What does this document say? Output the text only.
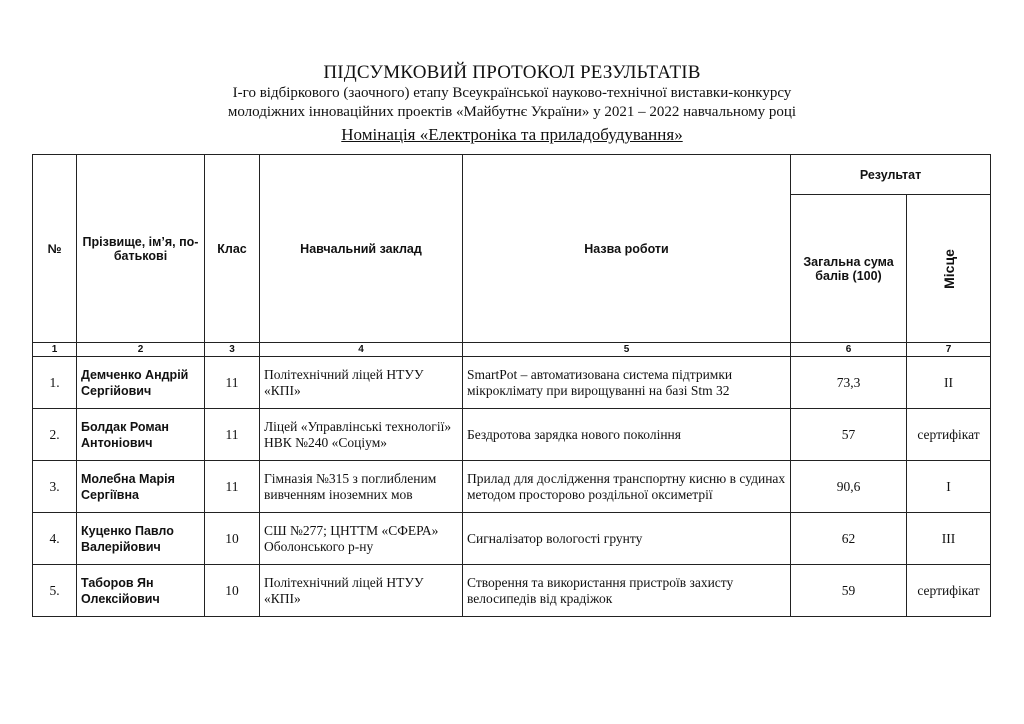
ПІДСУМКОВИЙ ПРОТОКОЛ РЕЗУЛЬТАТІВ
І-го відбіркового (заочного) етапу Всеукраїнської науково-технічної виставки-конкурсу
молодіжних інноваційних проектів «Майбутнє України» у 2021 – 2022 навчальному році
Номінація «Електроніка та приладобудування»
№	Прізвище, ім’я, по-батькові	Клас	Навчальний заклад	Назва роботи	Результат	
					Загальна сума балів (100)	Місце
1	2	3	4	5	6	7
1.	Демченко Андрій Сергійович	11	Політехнічний ліцей НТУУ «КПІ»	SmartPot – автоматизована система підтримки мікроклімату при вирощуванні на базі Stm 32	73,3	ІІ
2.	Болдак Роман Антоніович	11	Ліцей «Управлінські технології» НВК №240 «Соціум»	Бездротова зарядка нового покоління	57	сертифікат
3.	Молебна Марія Сергіївна	11	Гімназія №315 з поглибленим вивченням іноземних мов	Прилад для дослідження транспортну кисню в судинах методом просторово роздільної оксиметрії	90,6	І
4.	Куценко Павло Валерійович	10	СШ №277; ЦНТТМ «СФЕРА» Оболонського р-ну	Сигналізатор вологості грунту	62	ІІІ
5.	Таборов Ян Олексійович	10	Політехнічний ліцей НТУУ «КПІ»	Створення та використання пристроїв захисту велосипедів від крадіжок	59	сертифікат
